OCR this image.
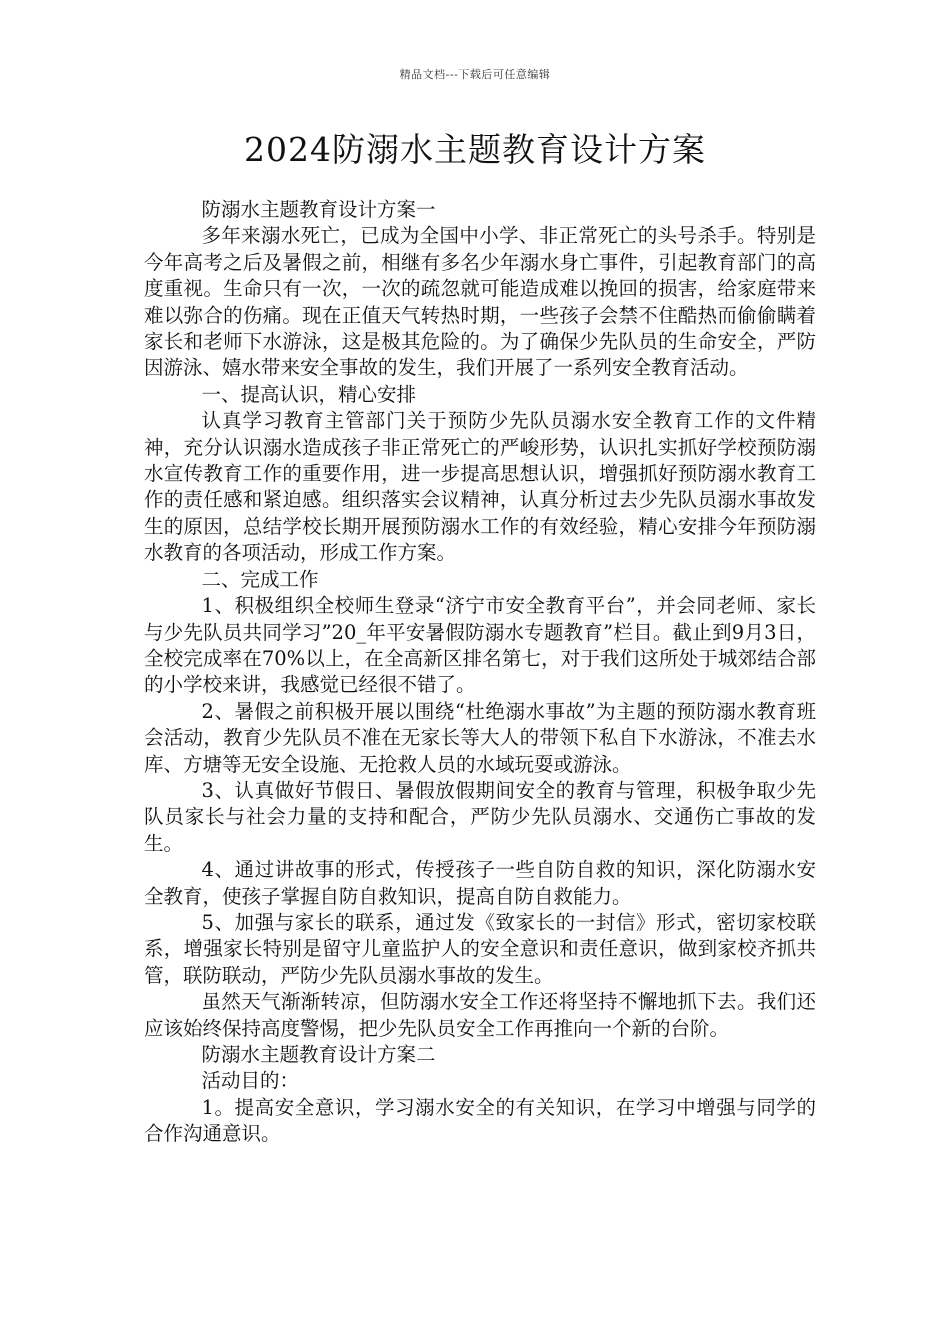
精品文档---下载后可任意编辑
2024防溺水主题教育设计方案

防溺水主题教育设计方案一

多年来溺水死亡，已成为全国中小学、非正常死亡的头号杀手。特别是今年高考之后及暑假之前，相继有多名少年溺水身亡事件，引起教育部门的高度重视。生命只有一次，一次的疏忽就可能造成难以挽回的损害，给家庭带来难以弥合的伤痛。现在正值天气转热时期，一些孩子会禁不住酷热而偷偷瞒着家长和老师下水游泳，这是极其危险的。为了确保少先队员的生命安全，严防因游泳、嬉水带来安全事故的发生，我们开展了一系列安全教育活动。

一、提高认识，精心安排

认真学习教育主管部门关于预防少先队员溺水安全教育工作的文件精神，充分认识溺水造成孩子非正常死亡的严峻形势，认识扎实抓好学校预防溺水宣传教育工作的重要作用，进一步提高思想认识，增强抓好预防溺水教育工作的责任感和紧迫感。组织落实会议精神，认真分析过去少先队员溺水事故发生的原因，总结学校长期开展预防溺水工作的有效经验，精心安排今年预防溺水教育的各项活动，形成工作方案。

二、完成工作

1、积极组织全校师生登录“济宁市安全教育平台”，并会同老师、家长与少先队员共同学习”20_年平安暑假防溺水专题教育”栏目。截止到9月3日，全校完成率在70%以上，在全高新区排名第七，对于我们这所处于城郊结合部的小学校来讲，我感觉已经很不错了。

2、暑假之前积极开展以围绕“杜绝溺水事故”为主题的预防溺水教育班会活动，教育少先队员不准在无家长等大人的带领下私自下水游泳，不准去水库、方塘等无安全设施、无抢救人员的水域玩耍或游泳。

3、认真做好节假日、暑假放假期间安全的教育与管理，积极争取少先队员家长与社会力量的支持和配合，严防少先队员溺水、交通伤亡事故的发生。

4、通过讲故事的形式，传授孩子一些自防自救的知识，深化防溺水安全教育，使孩子掌握自防自救知识，提高自防自救能力。

5、加强与家长的联系，通过发《致家长的一封信》形式，密切家校联系，增强家长特别是留守儿童监护人的安全意识和责任意识，做到家校齐抓共管，联防联动，严防少先队员溺水事故的发生。

虽然天气渐渐转凉，但防溺水安全工作还将坚持不懈地抓下去。我们还应该始终保持高度警惕，把少先队员安全工作再推向一个新的台阶。

防溺水主题教育设计方案二

活动目的：

1。提高安全意识，学习溺水安全的有关知识，在学习中增强与同学的合作沟通意识。
